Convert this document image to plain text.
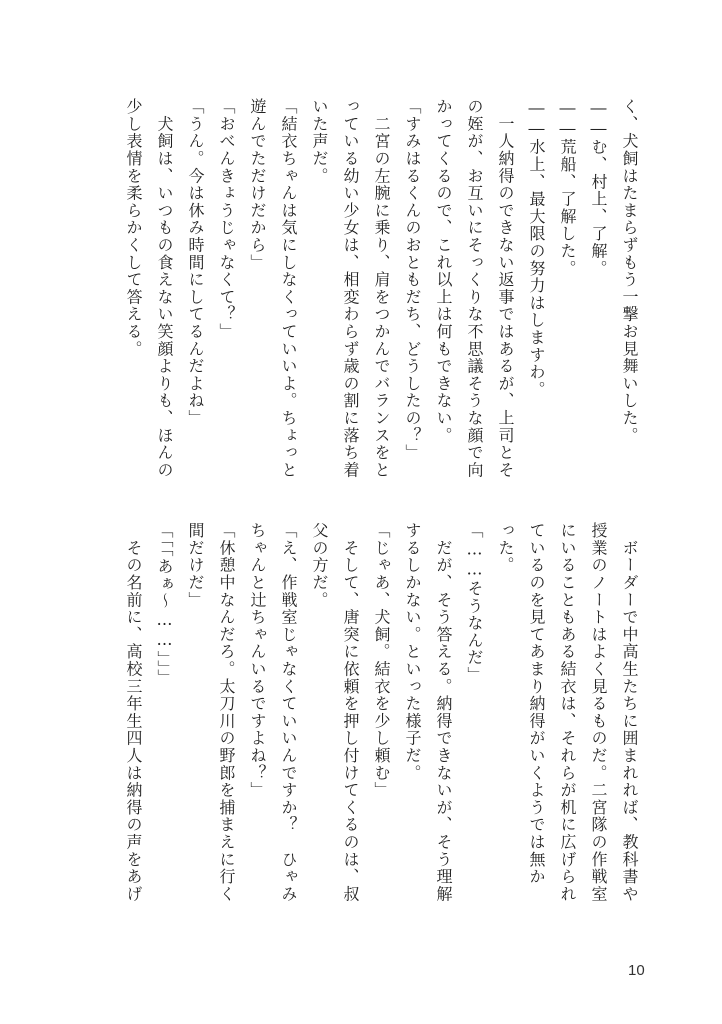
く、犬飼はたまらずもう一撃お見舞いした。
――む、村上、了解。
――荒船、了解した。
――水上、最大限の努力はしますわ。
　一人納得のできない返事ではあるが、上司とそ
の姪が、お互いにそっくりな不思議そうな顔で向
かってくるので、これ以上は何もできない。
「すみはるくんのおともだち、どうしたの？」
　二宮の左腕に乗り、肩をつかんでバランスをと
っている幼い少女は、相変わらず歳の割に落ち着
いた声だ。
「結衣ちゃんは気にしなくっていいよ。ちょっと
遊んでただけだから」
「おべんきょうじゃなくて？」
「うん。今は休み時間にしてるんだよね」
　犬飼は、いつもの食えない笑顔よりも、ほんの
少し表情を柔らかくして答える。
　ボーダーで中高生たちに囲まれれば、教科書や
授業のノートはよく見るものだ。二宮隊の作戦室
にいることもある結衣は、それらが机に広げられ
ているのを見てあまり納得がいくようでは無か
った。
「……そうなんだ」
　だが、そう答える。納得できないが、そう理解
するしかない。といった様子だ。
「じゃあ、犬飼。結衣を少し頼む」
　そして、唐突に依頼を押し付けてくるのは、叔
父の方だ。
「え、作戦室じゃなくていいんですか？　ひゃみ
ちゃんと辻ちゃんいるですよね？」
「休憩中なんだろ。太刀川の野郎を捕まえに行く
間だけだ」
「「「あぁ～……」」」
　その名前に、高校三年生四人は納得の声をあげ
10
